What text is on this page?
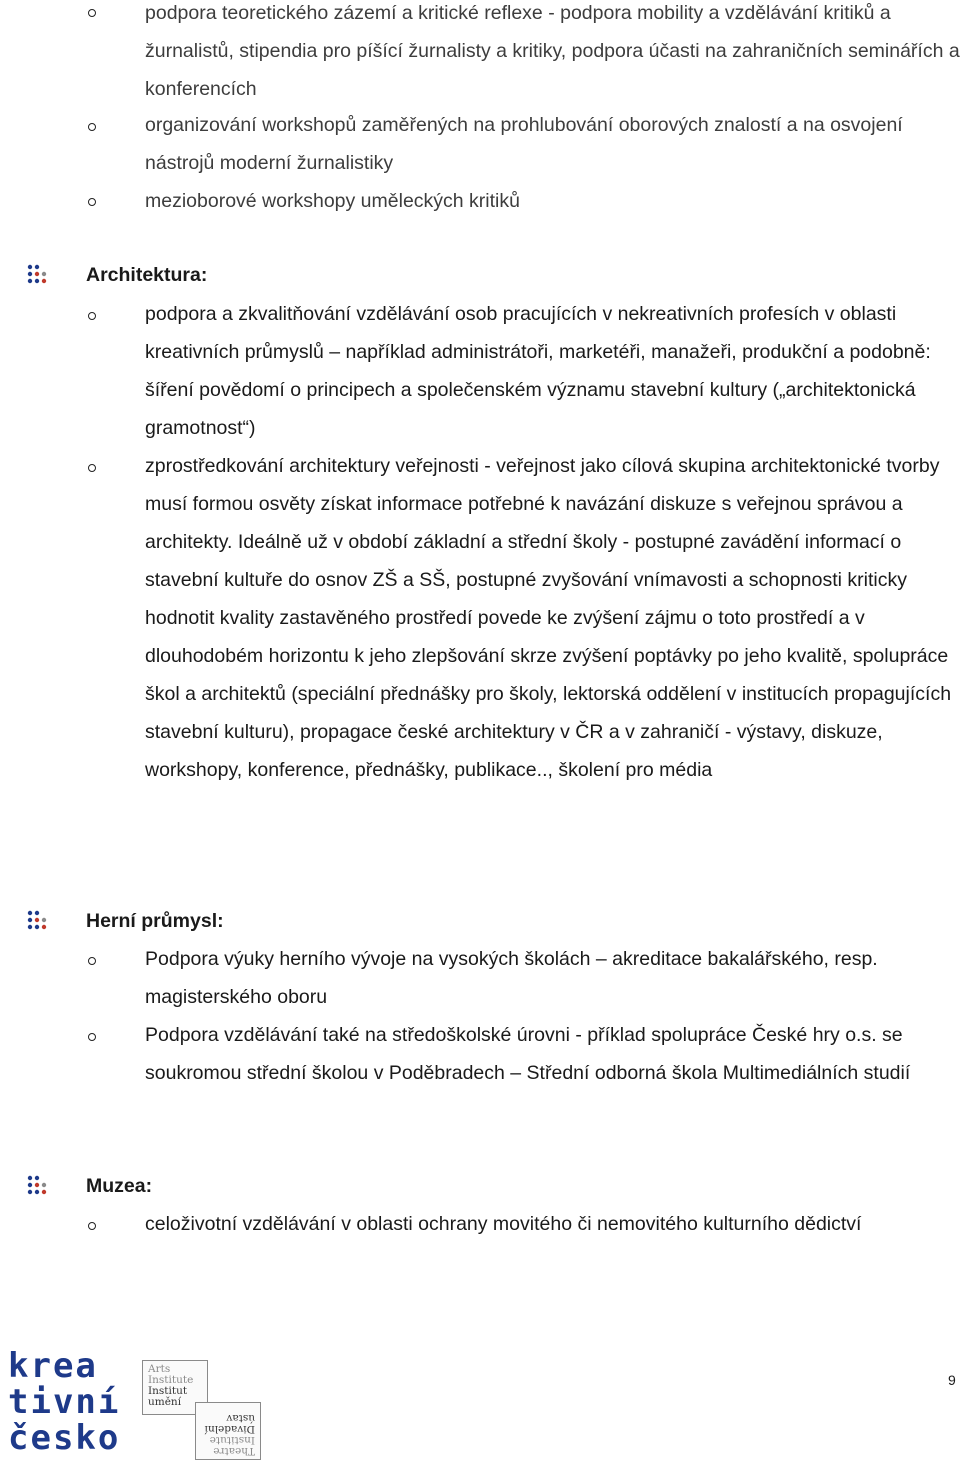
podpora teoretického zázemí a kritické reflexe - podpora mobility a vzdělávání kritiků a žurnalistů, stipendia pro píšící žurnalisty a kritiky, podpora účasti na zahraničních seminářích a konferencích
organizování workshopů zaměřených na prohlubování oborových znalostí a na osvojení nástrojů moderní žurnalistiky
mezioborové workshopy uměleckých kritiků
Architektura:
podpora a zkvalitňování vzdělávání osob pracujících v nekreativních profesích v oblasti kreativních průmyslů – například administrátoři, marketéři, manažeři, produkční a podobně: šíření povědomí o principech a společenském významu stavební kultury („architektonická gramotnost“)
zprostředkování architektury veřejnosti - veřejnost jako cílová skupina architektonické tvorby musí formou osvěty získat informace potřebné k navázání diskuze s veřejnou správou a architekty. Ideálně už v období základní a střední školy - postupné zavádění informací o stavební kultuře do osnov ZŠ a SŠ, postupné zvyšování vnímavosti a schopnosti kriticky hodnotit kvality zastavěného prostředí povede ke zvýšení zájmu o toto prostředí a v dlouhodobém horizontu k jeho zlepšování skrze zvýšení poptávky po jeho kvalitě, spolupráce škol a architektů (speciální přednášky pro školy, lektorská oddělení v institucích propagujících stavební kulturu), propagace české architektury v ČR a v zahraničí - výstavy, diskuze, workshopy, konference, přednášky, publikace.., školení pro média
Herní průmysl:
Podpora výuky herního vývoje na vysokých školách – akreditace bakalářského, resp. magisterského oboru
Podpora vzdělávání také na středoškolské úrovni - příklad spolupráce České hry o.s. se soukromou střední školou v Poděbradech – Střední odborná škola Multimediálních studií
Muzea:
celoživotní vzdělávání v oblasti ochrany movitého či nemovitého kulturního dědictví
krea
tivní
česko
Arts
Institute
Institut
umění
Theatre
Institute
Divadelní
ústav
9
